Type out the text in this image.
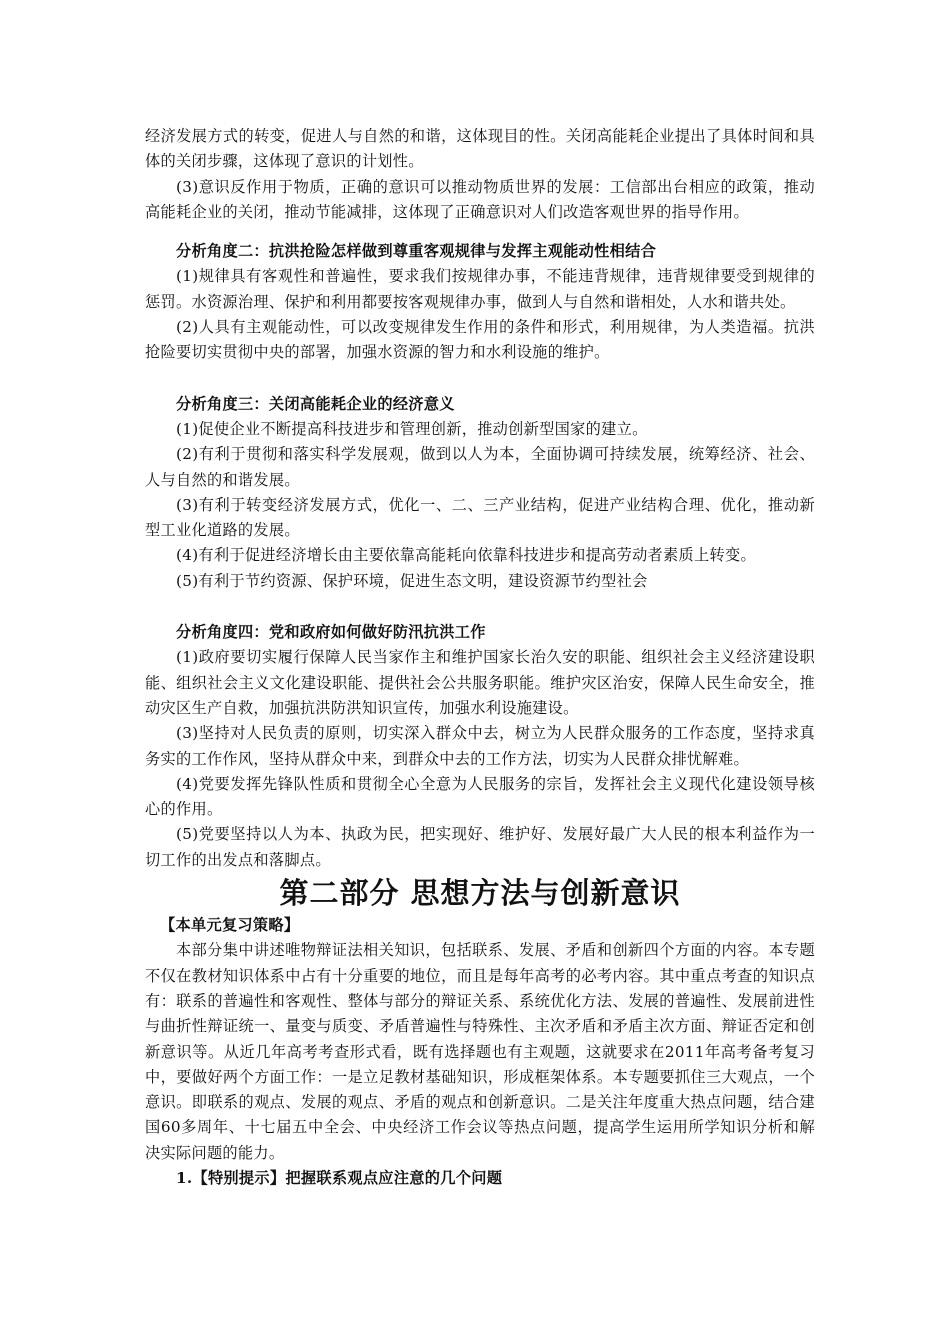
经济发展方式的转变，促进人与自然的和谐，这体现目的性。关闭高能耗企业提出了具体时间和具体的关闭步骤，这体现了意识的计划性。

(3)意识反作用于物质，正确的意识可以推动物质世界的发展：工信部出台相应的政策，推动高能耗企业的关闭，推动节能减排，这体现了正确意识对人们改造客观世界的指导作用。

分析角度二：抗洪抢险怎样做到尊重客观规律与发挥主观能动性相结合

(1)规律具有客观性和普遍性，要求我们按规律办事，不能违背规律，违背规律要受到规律的惩罚。水资源治理、保护和利用都要按客观规律办事，做到人与自然和谐相处，人水和谐共处。

(2)人具有主观能动性，可以改变规律发生作用的条件和形式，利用规律，为人类造福。抗洪抢险要切实贯彻中央的部署，加强水资源的智力和水利设施的维护。

分析角度三：关闭高能耗企业的经济意义

(1)促使企业不断提高科技进步和管理创新，推动创新型国家的建立。

(2)有利于贯彻和落实科学发展观，做到以人为本，全面协调可持续发展，统筹经济、社会、人与自然的和谐发展。

(3)有利于转变经济发展方式，优化一、二、三产业结构，促进产业结构合理、优化，推动新型工业化道路的发展。

(4)有利于促进经济增长由主要依靠高能耗向依靠科技进步和提高劳动者素质上转变。

(5)有利于节约资源、保护环境，促进生态文明，建设资源节约型社会

分析角度四：党和政府如何做好防汛抗洪工作

(1)政府要切实履行保障人民当家作主和维护国家长治久安的职能、组织社会主义经济建设职能、组织社会主义文化建设职能、提供社会公共服务职能。维护灾区治安，保障人民生命安全，推动灾区生产自救，加强抗洪防洪知识宣传，加强水利设施建设。

(3)坚持对人民负责的原则，切实深入群众中去，树立为人民群众服务的工作态度，坚持求真务实的工作作风，坚持从群众中来，到群众中去的工作方法，切实为人民群众排忧解难。

(4)党要发挥先锋队性质和贯彻全心全意为人民服务的宗旨，发挥社会主义现代化建设领导核心的作用。

(5)党要坚持以人为本、执政为民，把实现好、维护好、发展好最广大人民的根本利益作为一切工作的出发点和落脚点。

第二部分 思想方法与创新意识

【本单元复习策略】

本部分集中讲述唯物辩证法相关知识，包括联系、发展、矛盾和创新四个方面的内容。本专题不仅在教材知识体系中占有十分重要的地位，而且是每年高考的必考内容。其中重点考查的知识点有：联系的普遍性和客观性、整体与部分的辩证关系、系统优化方法、发展的普遍性、发展前进性与曲折性辩证统一、量变与质变、矛盾普遍性与特殊性、主次矛盾和矛盾主次方面、辩证否定和创新意识等。从近几年高考考查形式看，既有选择题也有主观题，这就要求在2011年高考备考复习中，要做好两个方面工作：一是立足教材基础知识，形成框架体系。本专题要抓住三大观点，一个意识。即联系的观点、发展的观点、矛盾的观点和创新意识。二是关注年度重大热点问题，结合建国60多周年、十七届五中全会、中央经济工作会议等热点问题，提高学生运用所学知识分析和解决实际问题的能力。

1.【特别提示】把握联系观点应注意的几个问题
